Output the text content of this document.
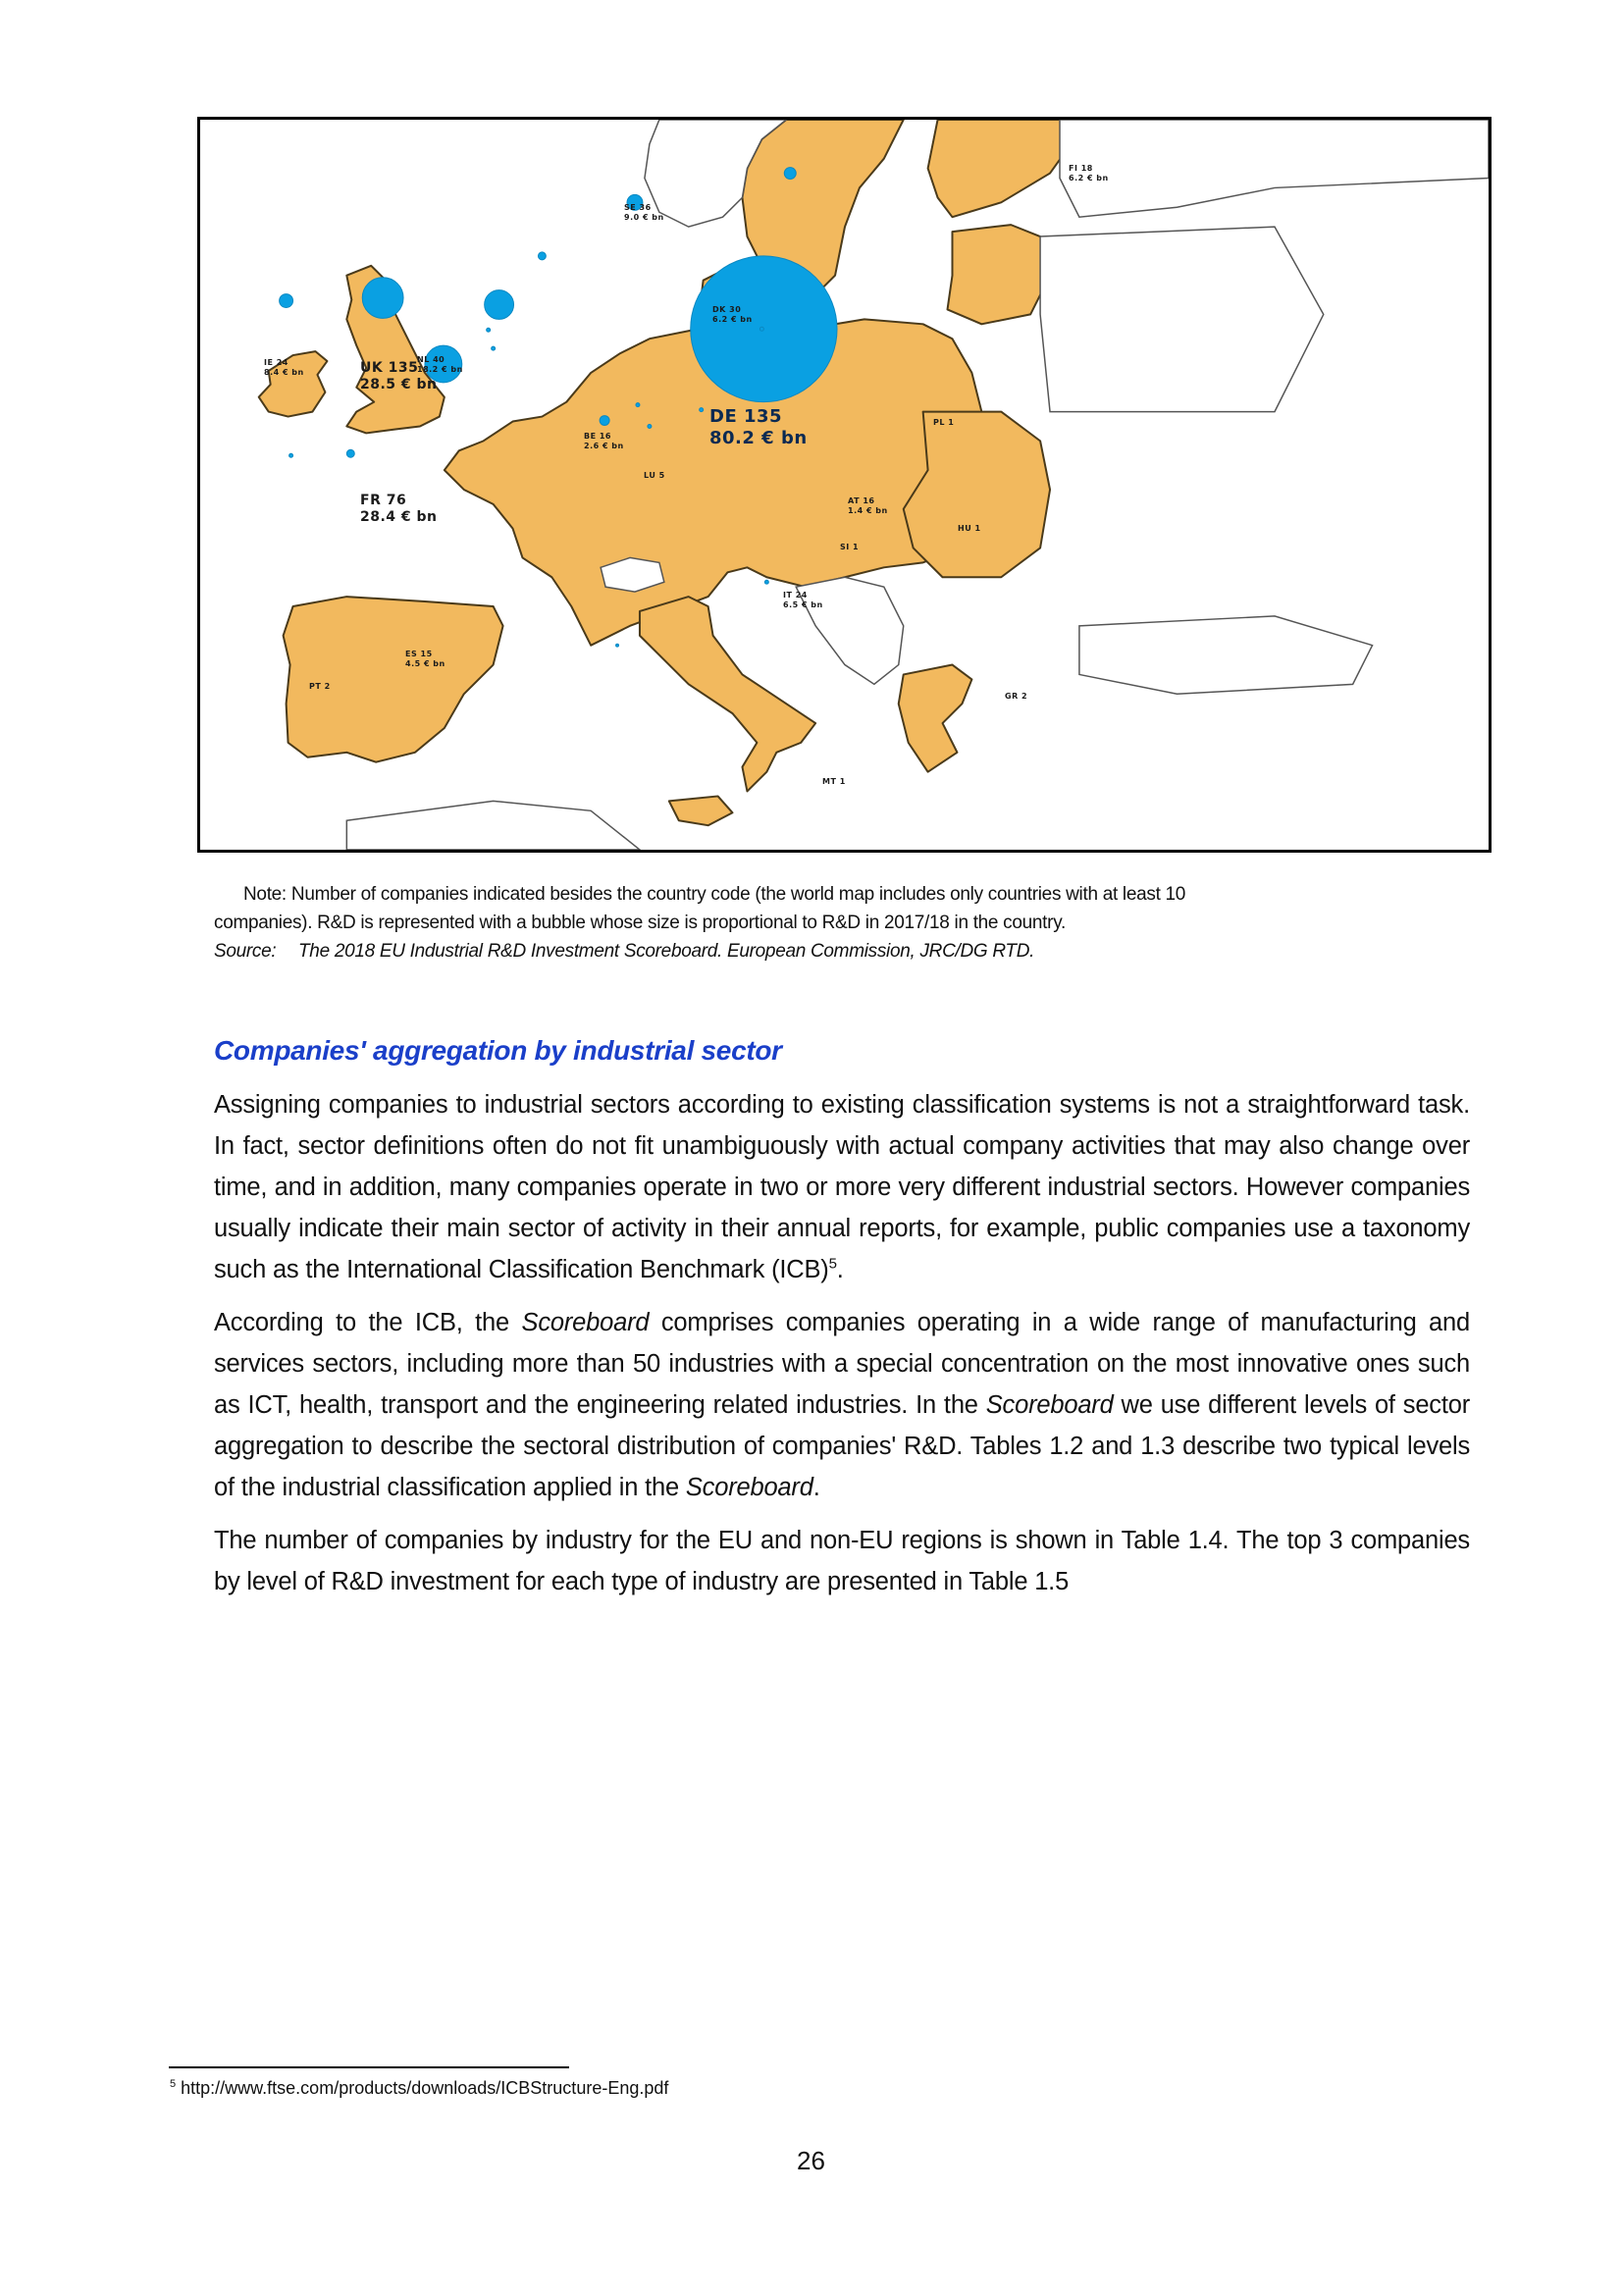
DE 135
80.2 € bn
UK 135
28.5 € bn
FR 76
28.4 € bn
NL 40
18.2 € bn
SE 36
9.0 € bn
IE 24
8.4 € bn
IT 24
6.5 € bn
FI 18
6.2 € bn
DK 30
6.2 € bn
ES 15
4.5 € bn
BE 16
2.6 € bn
AT 16
1.4 € bn
LU 5
PL 1
HU 1
SI 1
PT 2
GR 2
MT 1
Note: Number of companies indicated besides the country code (the world map includes only countries with at least 10
companies). R&D is represented with a bubble whose size is proportional to R&D in 2017/18 in the country.
Source: The 2018 EU Industrial R&D Investment Scoreboard. European Commission, JRC/DG RTD.
Companies' aggregation by industrial sector

Assigning companies to industrial sectors according to existing classification systems is not a straightforward task. In fact, sector definitions often do not fit unambiguously with actual company activities that may also change over time, and in addition, many companies operate in two or more very different industrial sectors. However companies usually indicate their main sector of activity in their annual reports, for example, public companies use a taxonomy such as the International Classification Benchmark (ICB)$^5$.

According to the ICB, the Scoreboard comprises companies operating in a wide range of manufacturing and services sectors, including more than 50 industries with a special concentration on the most innovative ones such as ICT, health, transport and the engineering related industries. In the Scoreboard we use different levels of sector aggregation to describe the sectoral distribution of companies' R&D. Tables 1.2 and 1.3 describe two typical levels of the industrial classification applied in the Scoreboard.

The number of companies by industry for the EU and non-EU regions is shown in Table 1.4. The top 3 companies by level of R&D investment for each type of industry are presented in Table 1.5

$^5$ http://www.ftse.com/products/downloads/ICBStructure-Eng.pdf
26
